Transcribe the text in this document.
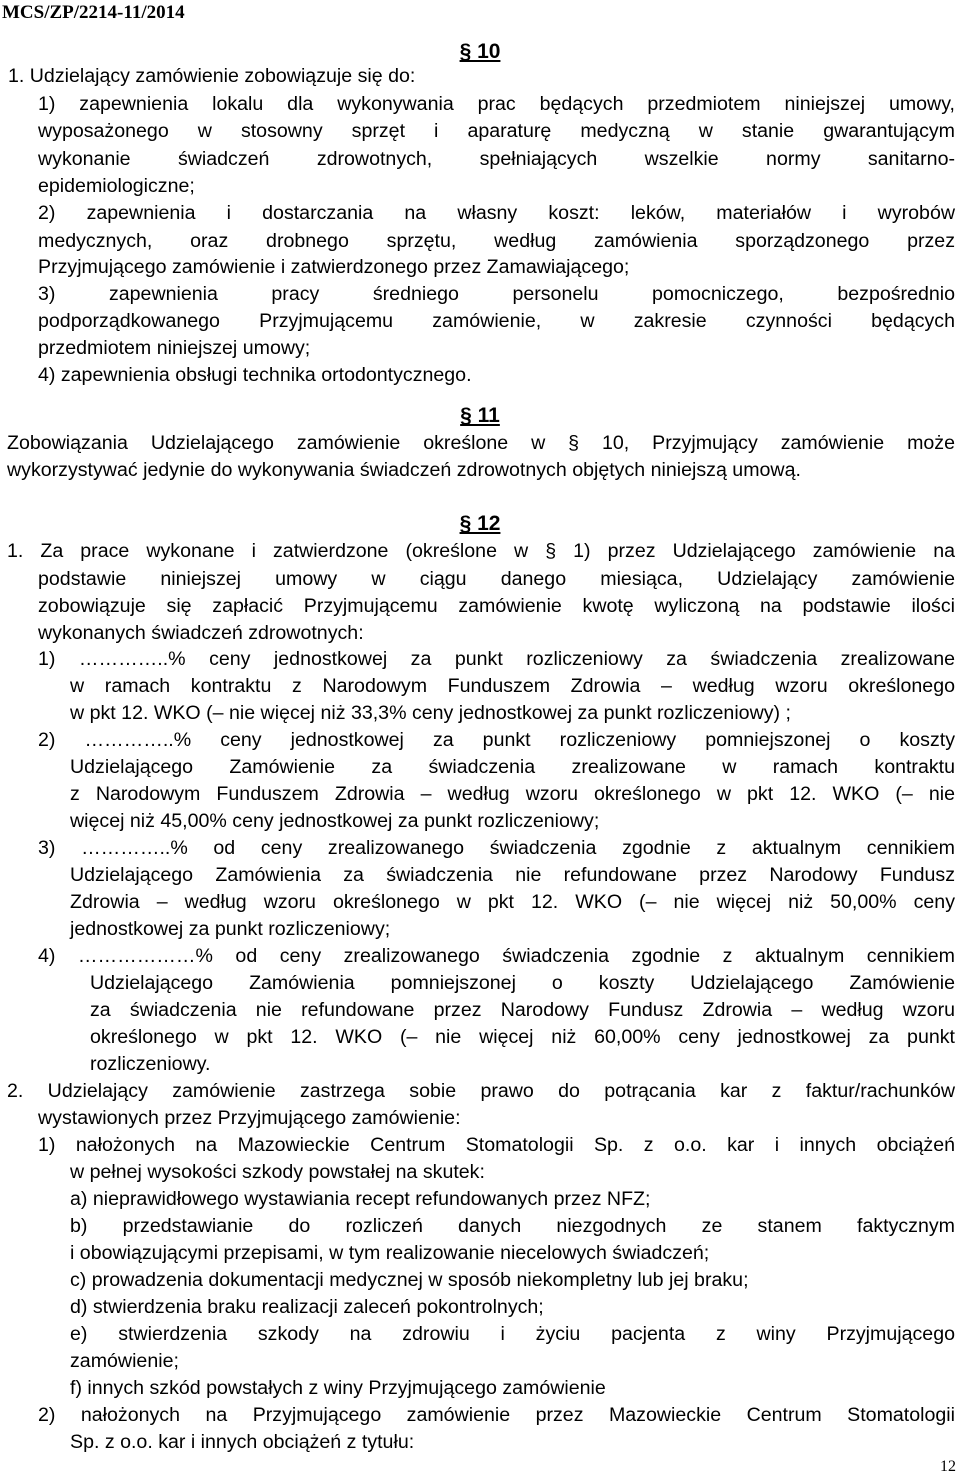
MCS/ZP/2214-11/2014
§ 10
1. Udzielający zamówienie zobowiązuje się do:
1) zapewnienia lokalu dla wykonywania prac będących przedmiotem niniejszej umowy,
wyposażonego w stosowny sprzęt i aparaturę medyczną w stanie gwarantującym
wykonanie świadczeń zdrowotnych, spełniających wszelkie normy sanitarno-
epidemiologiczne;
2) zapewnienia i dostarczania na własny koszt: leków, materiałów i wyrobów
medycznych, oraz drobnego sprzętu, według zamówienia sporządzonego przez
Przyjmującego zamówienie i zatwierdzonego przez Zamawiającego;
3) zapewnienia pracy średniego personelu pomocniczego, bezpośrednio
podporządkowanego Przyjmującemu zamówienie, w zakresie czynności będących
przedmiotem niniejszej umowy;
4) zapewnienia obsługi technika ortodontycznego.
§ 11
Zobowiązania Udzielającego zamówienie określone w § 10, Przyjmujący zamówienie może
wykorzystywać jedynie do wykonywania świadczeń zdrowotnych objętych niniejszą umową.
§ 12
1. Za prace wykonane i zatwierdzone (określone w § 1) przez Udzielającego zamówienie na
podstawie niniejszej umowy w ciągu danego miesiąca, Udzielający zamówienie
zobowiązuje się zapłacić Przyjmującemu zamówienie kwotę wyliczoną na podstawie ilości
wykonanych świadczeń zdrowotnych:
1) …………..% ceny jednostkowej za punkt rozliczeniowy za świadczenia zrealizowane
w ramach kontraktu z Narodowym Funduszem Zdrowia – według wzoru określonego
w pkt 12. WKO (– nie więcej niż 33,3% ceny jednostkowej za punkt rozliczeniowy) ;
2) …………..% ceny jednostkowej za punkt rozliczeniowy pomniejszonej o koszty
Udzielającego Zamówienie za świadczenia zrealizowane w ramach kontraktu
z Narodowym Funduszem Zdrowia – według wzoru określonego w pkt 12. WKO (– nie
więcej niż 45,00% ceny jednostkowej za punkt rozliczeniowy;
3) …………..% od ceny zrealizowanego świadczenia zgodnie z aktualnym cennikiem
Udzielającego Zamówienia za świadczenia nie refundowane przez Narodowy Fundusz
Zdrowia – według wzoru określonego w pkt 12. WKO (– nie więcej niż 50,00% ceny
jednostkowej za punkt rozliczeniowy;
4) ………………% od ceny zrealizowanego świadczenia zgodnie z aktualnym cennikiem
Udzielającego Zamówienia pomniejszonej o koszty Udzielającego Zamówienie
za świadczenia nie refundowane przez Narodowy Fundusz Zdrowia – według wzoru
określonego w pkt 12. WKO (– nie więcej niż 60,00% ceny jednostkowej za punkt
rozliczeniowy.
2. Udzielający zamówienie zastrzega sobie prawo do potrącania kar z faktur/rachunków
wystawionych przez Przyjmującego zamówienie:
1) nałożonych na Mazowieckie Centrum Stomatologii Sp. z o.o. kar i innych obciążeń
w pełnej wysokości szkody powstałej na skutek:
a) nieprawidłowego wystawiania recept refundowanych przez NFZ;
b) przedstawianie do rozliczeń danych niezgodnych ze stanem faktycznym
i obowiązującymi przepisami, w tym realizowanie niecelowych świadczeń;
c) prowadzenia dokumentacji medycznej w sposób niekompletny lub jej braku;
d) stwierdzenia braku realizacji zaleceń pokontrolnych;
e) stwierdzenia szkody na zdrowiu i życiu pacjenta z winy Przyjmującego
zamówienie;
f) innych szkód powstałych z winy Przyjmującego zamówienie
2) nałożonych na Przyjmującego zamówienie przez Mazowieckie Centrum Stomatologii
Sp. z o.o. kar i innych obciążeń z tytułu:
12
